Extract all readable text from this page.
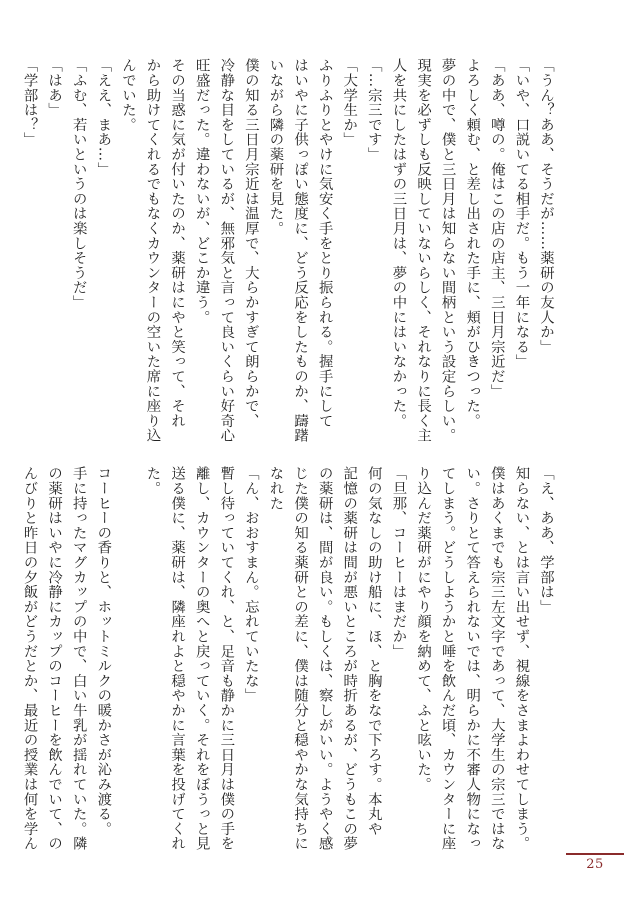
「うん？ああ、そうだが……薬研の友人か」

「いや、口説いてる相手だ。もう一年になる」

「ああ、噂の。俺はこの店の店主、三日月宗近だ」

よろしく頼む、と差し出された手に、頬がひきつった。

夢の中で、僕と三日月は知らない間柄という設定らしい。

現実を必ずしも反映していないらしく、それなりに長く主

人を共にしたはずの三日月は、夢の中にはいなかった。

「…宗三です」

「大学生か」

ふりふりとやけに気安く手をとり振られる。握手にして

はいやに子供っぽい態度に、どう反応をしたものか、躊躇

いながら隣の薬研を見た。

僕の知る三日月宗近は温厚で、大らかすぎて朗らかで、

冷静な目をしているが、無邪気と言って良いくらい好奇心

旺盛だった。違わないが、どこか違う。

その当惑に気が付いたのか、薬研はにやと笑って、それ

から助けてくれるでもなくカウンターの空いた席に座り込

んでいた。

「ええ、まあ…」

「ふむ、若いというのは楽しそうだ」

「はあ」

「学部は？」

「え、ああ、学部は」

知らない、とは言い出せず、視線をさまよわせてしまう。

僕はあくまでも宗三左文字であって、大学生の宗三ではな

い。さりとて答えられないでは、明らかに不審人物になっ

てしまう。どうしようかと唾を飲んだ頃、カウンターに座

り込んだ薬研がにやり顔を納めて、ふと呟いた。

「旦那、コーヒーはまだか」

何の気なしの助け船に、ほ、と胸をなで下ろす。本丸や

記憶の薬研は間が悪いところが時折あるが、どうもこの夢

の薬研は、間が良い。もしくは、察しがいい。ようやく感

じた僕の知る薬研との差に、僕は随分と穏やかな気持ちに

なれた

「ん、おおすまん。忘れていたな」

暫し待っていてくれ、と、足音も静かに三日月は僕の手を

離し、カウンターの奥へと戻っていく。それをぼうっと見

送る僕に、薬研は、隣座れよと穏やかに言葉を投げてくれ

た。

コーヒーの香りと、ホットミルクの暖かさが沁み渡る。

手に持ったマグカップの中で、白い牛乳が揺れていた。隣

の薬研はいやに冷静にカップのコーヒーを飲んでいて、の

んびりと昨日の夕飯がどうだとか、最近の授業は何を学ん

25
